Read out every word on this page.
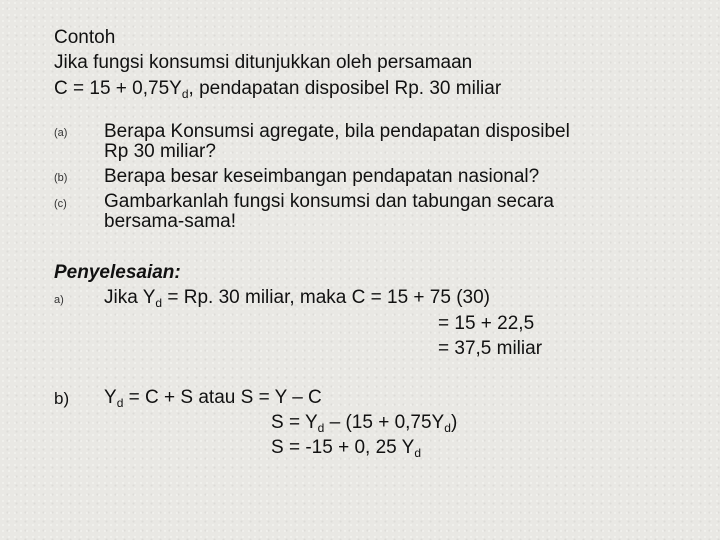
Contoh
Jika fungsi konsumsi ditunjukkan oleh persamaan
$C = 15 + 0,75Y_d$, pendapatan disposibel Rp. 30 miliar
(a) Berapa Konsumsi agregate, bila pendapatan disposibel
Rp 30 miliar?
(b) Berapa besar keseimbangan pendapatan nasional?
(c) Gambarkanlah fungsi konsumsi dan tabungan secara
bersama-sama!
Penyelesaian:
a) Jika $Y_d = Rp$. 30 miliar, maka C = 15 + 75 (30)
= 15 + 22,5
= 37,5 miliar
b) $Y_d = C + S$ atau S = Y – C
$S = Y_d - (15 + 0,75Y_d)$
S = -15 + 0, 25 $Y_d$
